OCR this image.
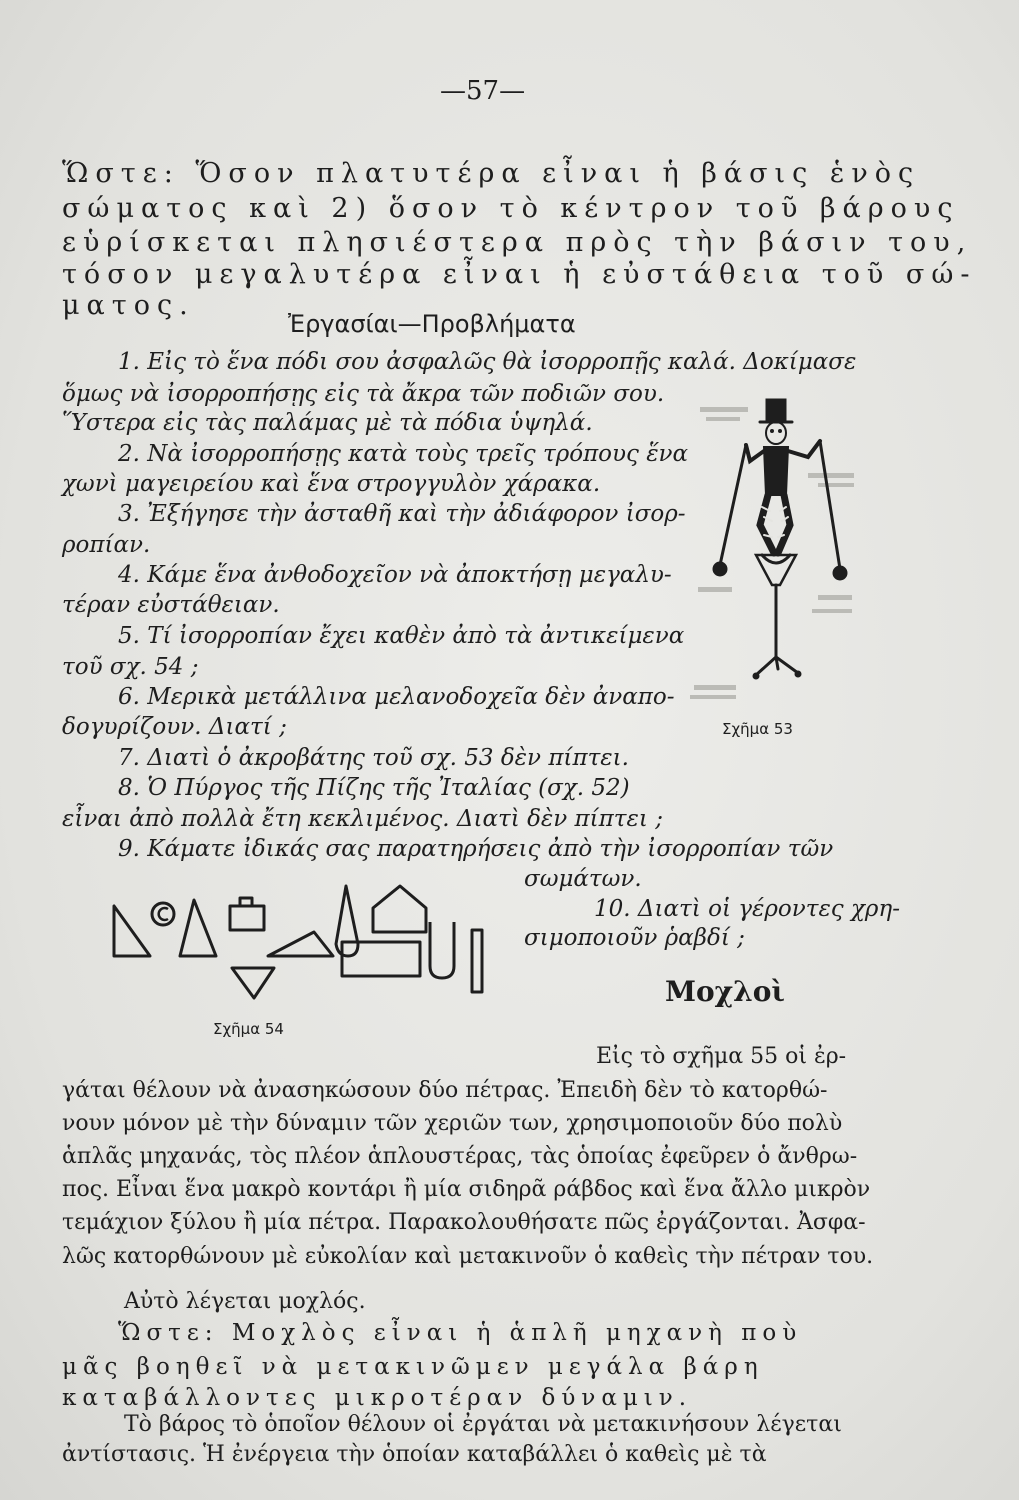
—57—
Ὥστε: Ὅσον πλατυτέρα εἶναι ἡ βάσις ἑνὸς
σώματος καὶ 2) ὅσον τὸ κέντρον τοῦ βάρους
εὑρίσκεται πλησιέστερα πρὸς τὴν βάσιν του,
τόσον μεγαλυτέρα εἶναι ἡ εὐστάθεια τοῦ σώ-
ματος.
Ἐργασίαι—Προβλήματα
1. Εἰς τὸ ἕνα πόδι σου ἀσφαλῶς θὰ ἰσορροπῇς καλά. Δοκίμασε
ὅμως νὰ ἰσορροπήσῃς εἰς τὰ ἄκρα τῶν ποδιῶν σου.
Ὕστερα εἰς τὰς παλάμας μὲ τὰ πόδια ὑψηλά.
2. Νὰ ἰσορροπήσῃς κατὰ τοὺς τρεῖς τρόπους ἕνα
χωνὶ μαγειρείου καὶ ἕνα στρογγυλὸν χάρακα.
3. Ἐξήγησε τὴν ἀσταθῆ καὶ τὴν ἀδιάφορον ἰσορ-
ροπίαν.
4. Κάμε ἕνα ἀνθοδοχεῖον νὰ ἀποκτήσῃ μεγαλυ-
τέραν εὐστάθειαν.
5. Τί ἰσορροπίαν ἔχει καθὲν ἀπὸ τὰ ἀντικείμενα
τοῦ σχ. 54 ;
6. Μερικὰ μετάλλινα μελανοδοχεῖα δὲν ἀναπο-
δογυρίζουν. Διατί ;
7. Διατὶ ὁ ἀκροβάτης τοῦ σχ. 53 δὲν πίπτει.
8. Ὁ Πύργος τῆς Πίζης τῆς Ἰταλίας (σχ. 52)
εἶναι ἀπὸ πολλὰ ἔτη κεκλιμένος. Διατὶ δὲν πίπτει ;
9. Κάματε ἰδικάς σας παρατηρήσεις ἀπὸ τὴν ἰσορροπίαν τῶν
σωμάτων.
10. Διατὶ οἱ γέροντες χρη-
σιμοποιοῦν ῥαβδί ;
Σχῆμα 53
Σχῆμα 54
Μοχλοὶ
Εἰς τὸ σχῆμα 55 οἱ ἐρ-
γάται θέλουν νὰ ἀνασηκώσουν δύο πέτρας. Ἐπειδὴ δὲν τὸ κατορθώ-
νουν μόνον μὲ τὴν δύναμιν τῶν χεριῶν των, χρησιμοποιοῦν δύο πολὺ
ἁπλᾶς μηχανάς, τὸς πλέον ἁπλουστέρας, τὰς ὁποίας ἐφεῦρεν ὁ ἄνθρω-
πος. Εἶναι ἕνα μακρὸ κοντάρι ἢ μία σιδηρᾶ ράβδος καὶ ἕνα ἄλλο μικρὸν
τεμάχιον ξύλου ἢ μία πέτρα. Παρακολουθήσατε πῶς ἐργάζονται. Ἀσφα-
λῶς κατορθώνουν μὲ εὐκολίαν καὶ μετακινοῦν ὁ καθεὶς τὴν πέτραν του.
Αὐτὸ λέγεται μοχλός.
Ὥστε: Μοχλὸς εἶναι ἡ ἁπλῆ μηχανὴ ποὺ
μᾶς βοηθεῖ νὰ μετακινῶμεν μεγάλα βάρη
καταβάλλοντες μικροτέραν δύναμιν.
Τὸ βάρος τὸ ὁποῖον θέλουν οἱ ἐργάται νὰ μετακινήσουν λέγεται
ἀντίστασις. Ἡ ἐνέργεια τὴν ὁποίαν καταβάλλει ὁ καθεὶς μὲ τὰ
